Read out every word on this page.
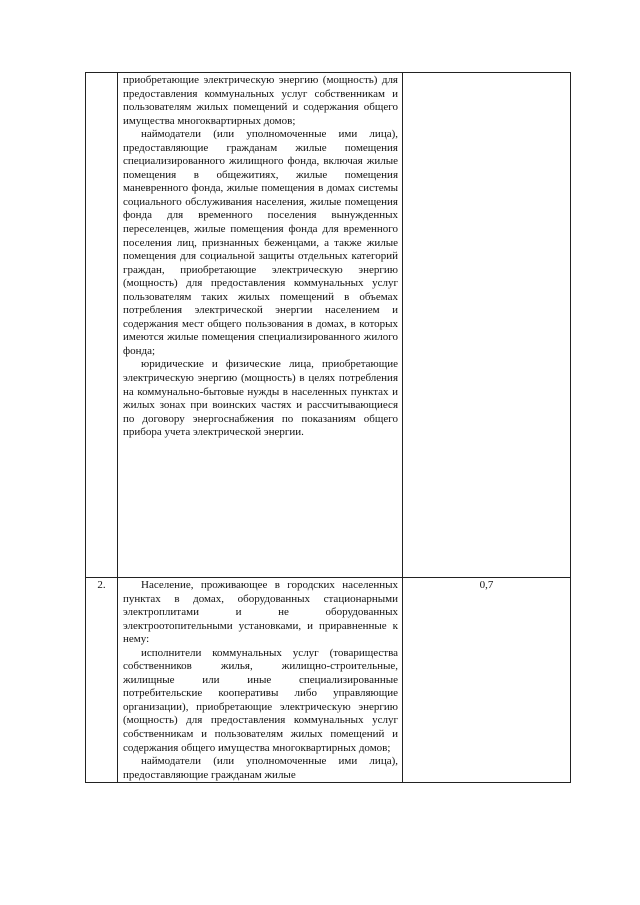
	приобретающие электрическую энергию (мощность) для предоставления коммунальных услуг собственникам и пользователям жилых помещений и содержания общего имущества многоквартирных домов;

наймодатели (или уполномоченные ими лица), предоставляющие гражданам жилые помещения специализированного жилищного фонда, включая жилые помещения в общежитиях, жилые помещения маневренного фонда, жилые помещения в домах системы социального обслуживания населения, жилые помещения фонда для временного поселения вынужденных переселенцев, жилые помещения фонда для временного поселения лиц, признанных беженцами, а также жилые помещения для социальной защиты отдельных категорий граждан, приобретающие электрическую энергию (мощность) для предоставления коммунальных услуг пользователям таких жилых помещений в объемах потребления электрической энергии населением и содержания мест общего пользования в домах, в которых имеются жилые помещения специализированного жилого фонда;

юридические и физические лица, приобретающие электрическую энергию (мощность) в целях потребления на коммунально-бытовые нужды в населенных пунктах и жилых зонах при воинских частях и рассчитывающиеся по договору энергоснабжения по показаниям общего прибора учета электрической энергии.	

2.	Население, проживающее в городских населенных пунктах в домах, оборудованных стационарными электроплитами и не оборудованных электроотопительными установками, и приравненные к нему:

исполнители коммунальных услуг (товарищества собственников жилья, жилищно-строительные, жилищные или иные специализированные потребительские кооперативы либо управляющие организации), приобретающие электрическую энергию (мощность) для предоставления коммунальных услуг собственникам и пользователям жилых помещений и содержания общего имущества многоквартирных домов;

наймодатели (или уполномоченные ими лица), предоставляющие гражданам жилые	0,7
